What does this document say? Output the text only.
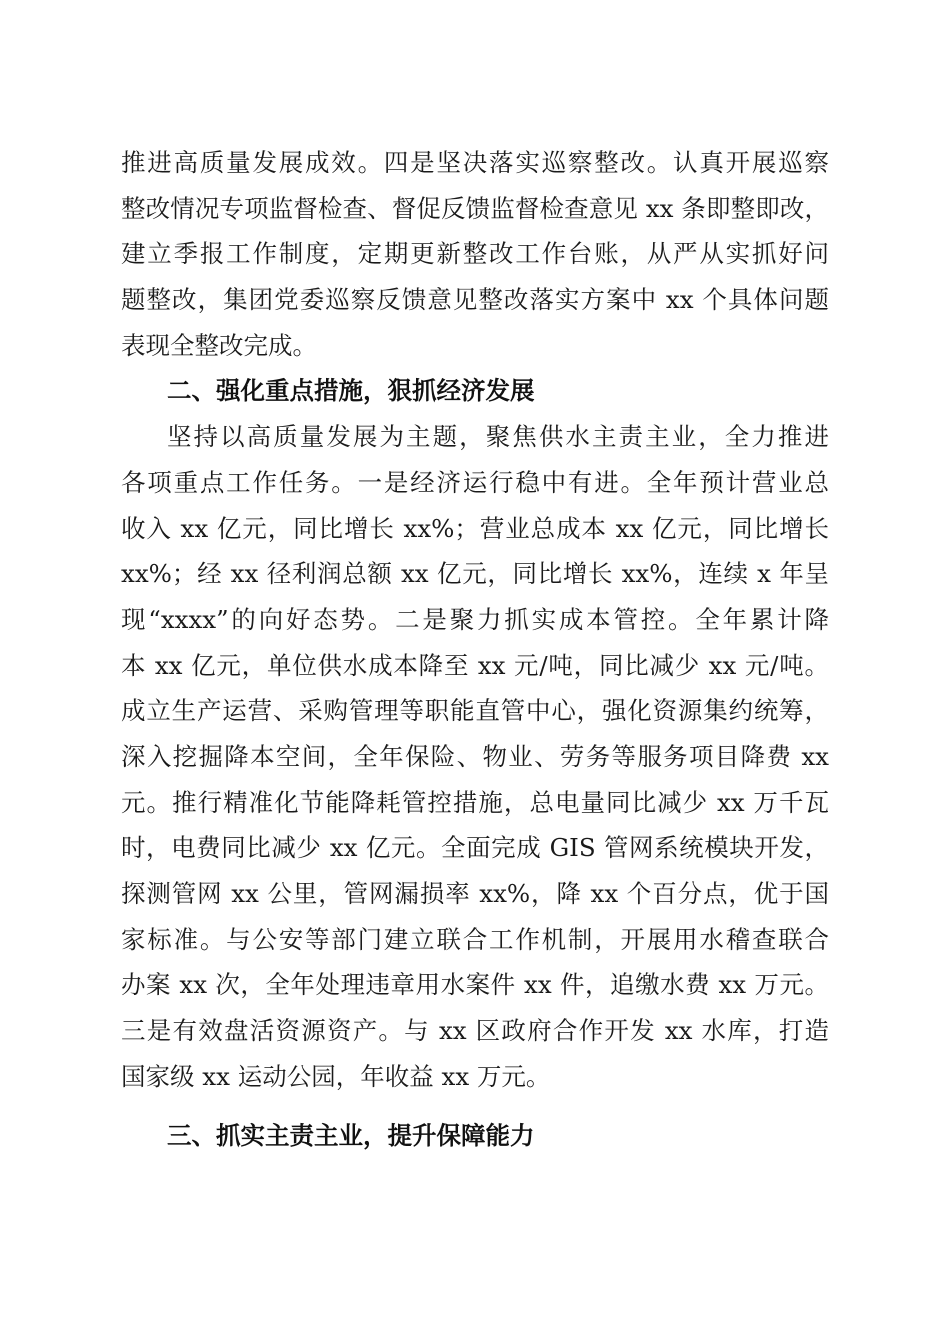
推进高质量发展成效。四是坚决落实巡察整改。认真开展巡察
整改情况专项监督检查、督促反馈监督检查意见 xx 条即整即改，
建立季报工作制度，定期更新整改工作台账，从严从实抓好问
题整改，集团党委巡察反馈意见整改落实方案中 xx 个具体问题
表现全整改完成。
二、强化重点措施，狠抓经济发展
坚持以高质量发展为主题，聚焦供水主责主业，全力推进
各项重点工作任务。一是经济运行稳中有进。全年预计营业总
收入 xx 亿元，同比增长 xx%；营业总成本 xx 亿元，同比增长
xx%；经 xx 径利润总额 xx 亿元，同比增长 xx%，连续 x 年呈
现“xxxx”的向好态势。二是聚力抓实成本管控。全年累计降
本 xx 亿元，单位供水成本降至 xx 元/吨，同比减少 xx 元/吨。
成立生产运营、采购管理等职能直管中心，强化资源集约统筹，
深入挖掘降本空间，全年保险、物业、劳务等服务项目降费 xx
元。推行精准化节能降耗管控措施，总电量同比减少 xx 万千瓦
时，电费同比减少 xx 亿元。全面完成 GIS 管网系统模块开发，
探测管网 xx 公里，管网漏损率 xx%，降 xx 个百分点，优于国
家标准。与公安等部门建立联合工作机制，开展用水稽查联合
办案 xx 次，全年处理违章用水案件 xx 件，追缴水费 xx 万元。
三是有效盘活资源资产。与 xx 区政府合作开发 xx 水库，打造
国家级 xx 运动公园，年收益 xx 万元。
三、抓实主责主业，提升保障能力
